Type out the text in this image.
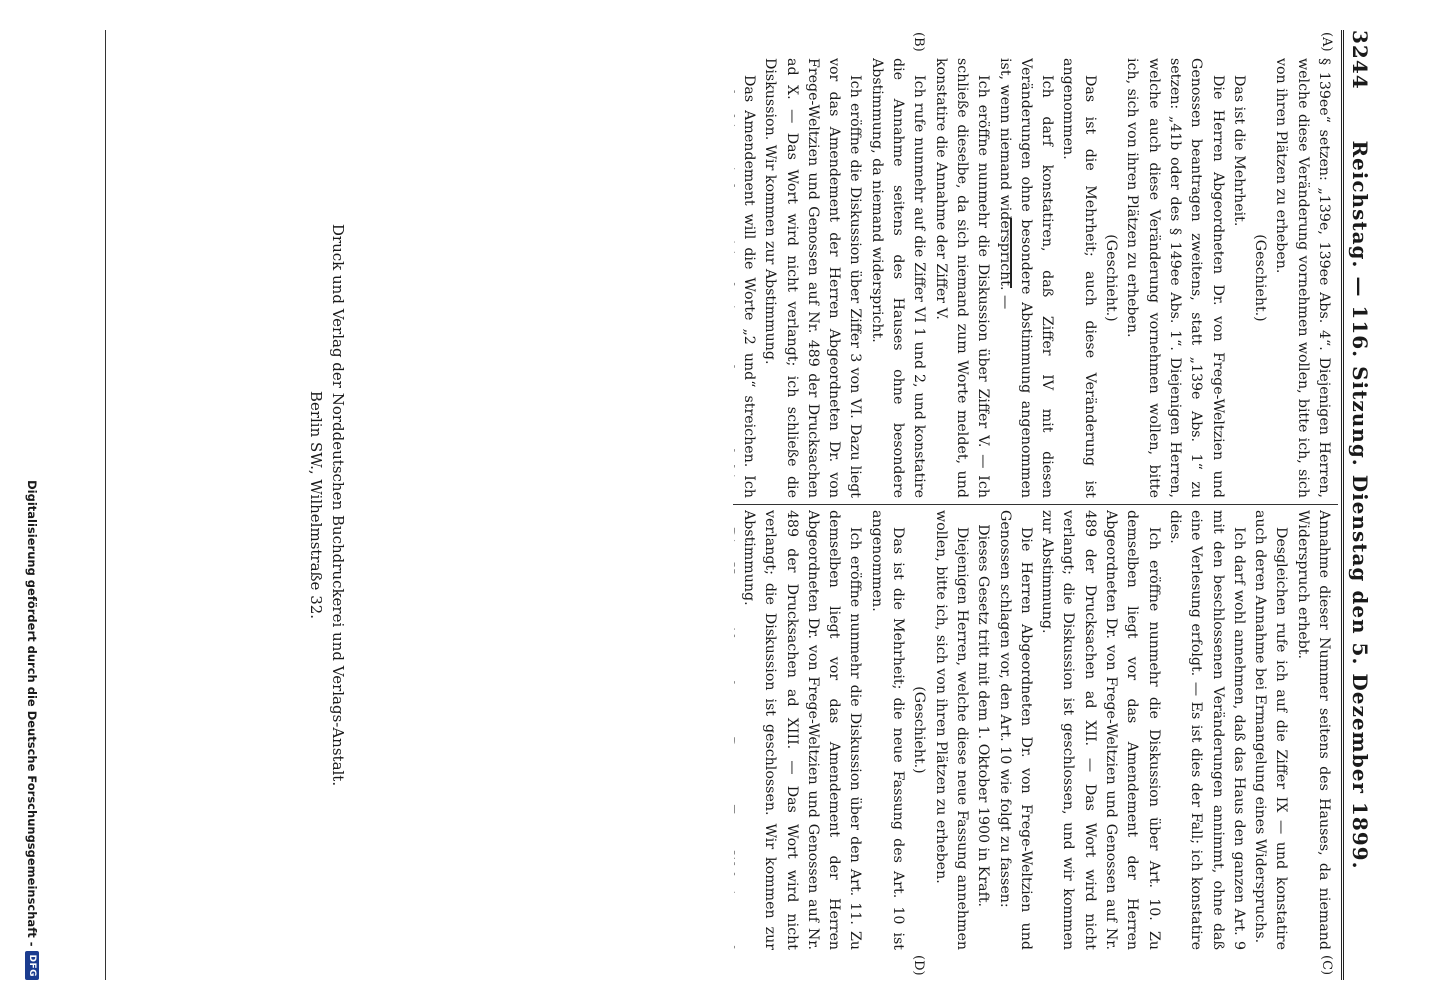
3244
Reichstag. — 116. Sitzung. Dienstag den 5. Dezember 1899.
(A)
(B)
(C)
(D)

§ 139ee“ setzen: „139e, 139ee Abs. 4“. Diejenigen Herren, welche diese Veränderung vornehmen wollen, bitte ich, sich von ihren Plätzen zu erheben.

(Geschieht.)

Das ist die Mehrheit.

Die Herren Abgeordneten Dr. von Frege-Weltzien und Genossen beantragen zweitens, statt „139e Abs. 1“ zu setzen: „41b oder des § 149ee Abs. 1“. Diejenigen Herren, welche auch diese Veränderung vornehmen wollen, bitte ich, sich von ihren Plätzen zu erheben.

(Geschieht.)

Das ist die Mehrheit; auch diese Veränderung ist angenommen.

Ich darf konstatiren, daß Ziffer IV mit diesen Veränderungen ohne besondere Abstimmung angenommen ist, wenn niemand widerspricht. —

Ich eröffne nunmehr die Diskussion über Ziffer V. — Ich schließe dieselbe, da sich niemand zum Worte meldet, und konstatire die Annahme der Ziffer V.

Ich rufe nunmehr auf die Ziffer VI 1 und 2, und konstatire die Annahme seitens des Hauses ohne besondere Abstimmung, da niemand widerspricht.

Ich eröffne die Diskussion über Ziffer 3 von VI. Dazu liegt vor das Amendement der Herren Abgeordneten Dr. von Frege-Weltzien und Genossen auf Nr. 489 der Drucksachen ad X. — Das Wort wird nicht verlangt; ich schließe die Diskussion. Wir kommen zur Abstimmung.

Das Amendement will die Worte „2 und“ streichen. Ich

Annahme dieser Nummer seitens des Hauses, da niemand Widerspruch erhebt.

Desgleichen rufe ich auf die Ziffer IX — und konstatire auch deren Annahme bei Ermangelung eines Widerspruchs.

Ich darf wohl annehmen, daß das Haus den ganzen Art. 9 mit den beschlossenen Veränderungen annimmt, ohne daß eine Verlesung erfolgt. — Es ist dies der Fall; ich konstatire dies.

Ich eröffne nunmehr die Diskussion über Art. 10. Zu demselben liegt vor das Amendement der Herren Abgeordneten Dr. von Frege-Weltzien und Genossen auf Nr. 489 der Drucksachen ad XII. — Das Wort wird nicht verlangt; die Diskussion ist geschlossen, und wir kommen zur Abstimmung.

Die Herren Abgeordneten Dr. von Frege-Weltzien und Genossen schlagen vor, den Art. 10 wie folgt zu fassen:

Dieses Gesetz tritt mit dem 1. Oktober 1900 in Kraft.

Diejenigen Herren, welche diese neue Fassung annehmen wollen, bitte ich, sich von ihren Plätzen zu erheben.

(Geschieht.)

Das ist die Mehrheit; die neue Fassung des Art. 10 ist angenommen.

Ich eröffne nunmehr die Diskussion über den Art. 11. Zu demselben liegt vor das Amendement der Herren Abgeordneten Dr. von Frege-Weltzien und Genossen auf Nr. 489 der Drucksachen ad XIII. — Das Wort wird nicht verlangt; die Diskussion ist geschlossen. Wir kommen zur Abstimmung.

Druck und Verlag der Norddeutschen Buchdruckerei und Verlags-Anstalt.
Berlin SW., Wilhelmstraße 32.
Digitalisierung gefördert durch die Deutsche Forschungsgemeinschaft -
DFG
